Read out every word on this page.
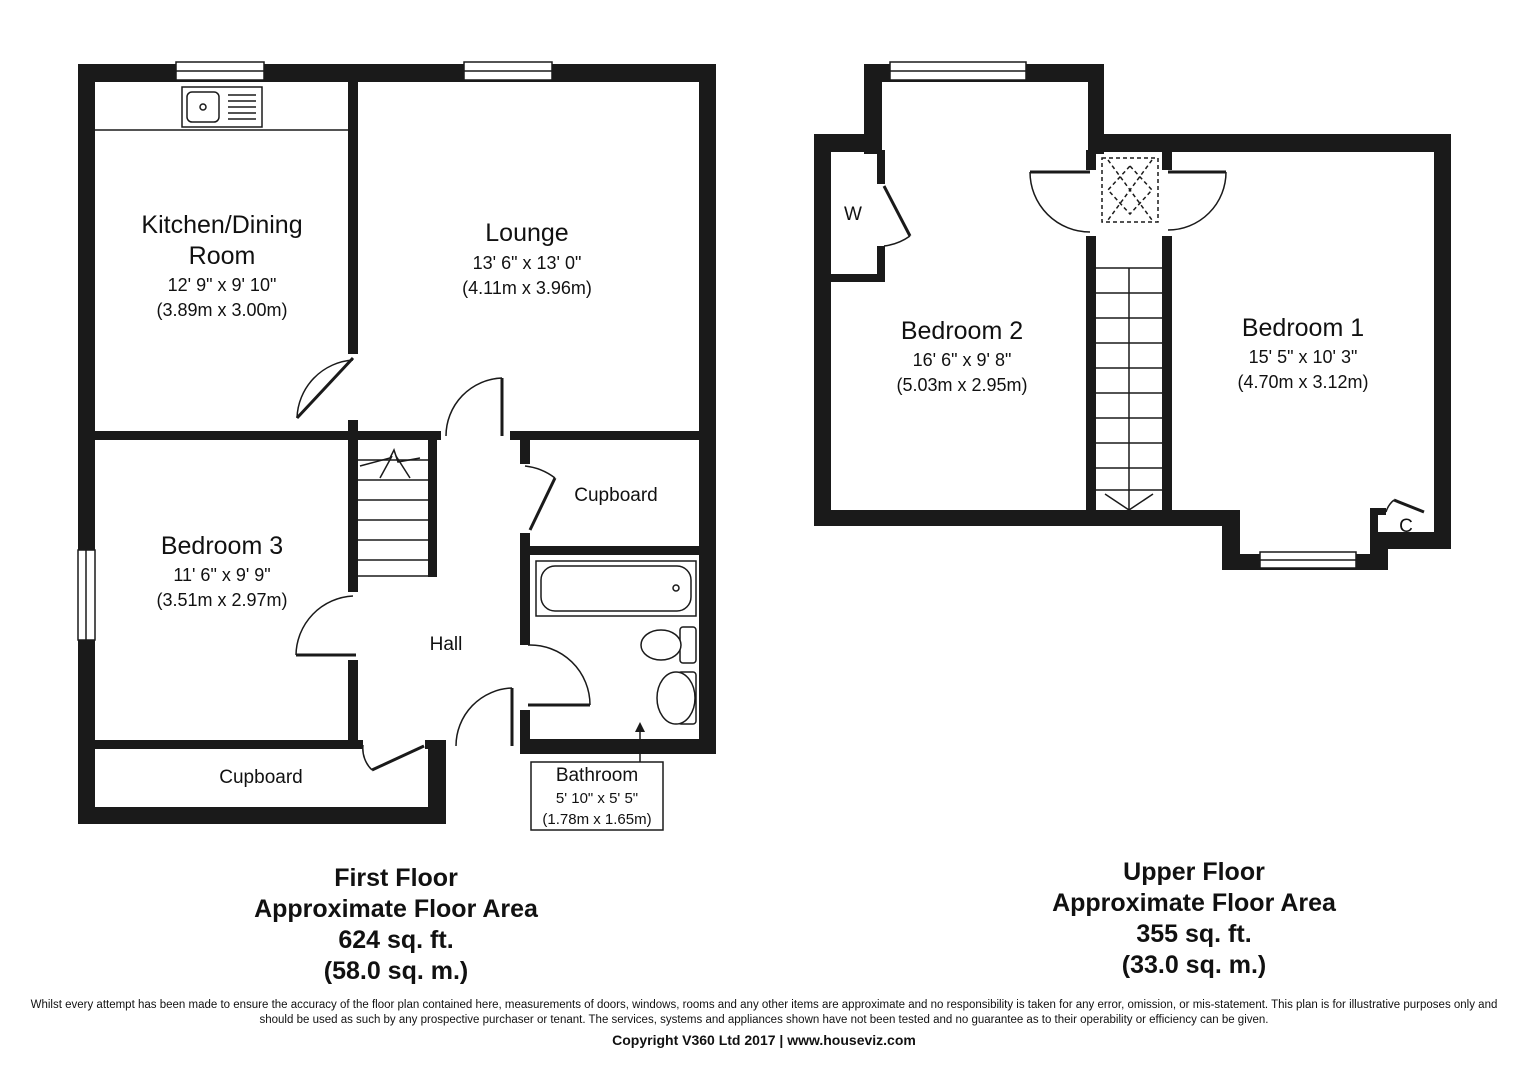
Kitchen/Dining
Room
12' 9" x 9' 10"
(3.89m x 3.00m)
Lounge
13' 6" x 13' 0"
(4.11m x 3.96m)
Bedroom 3
11' 6" x 9' 9"
(3.51m x 2.97m)
Hall
Cupboard
Cupboard	Bathroom
5' 10" x 5' 5"
(1.78m x 1.65m)
W
C
Bedroom 2
16' 6" x 9' 8"
(5.03m x 2.95m)
Bedroom 1
15' 5" x 10' 3"
(4.70m x 3.12m)
First Floor
Approximate Floor Area
624 sq. ft.
(58.0 sq. m.)
Upper Floor
Approximate Floor Area
355 sq. ft.
(33.0 sq. m.)
Whilst every attempt has been made to ensure the accuracy of the floor plan contained here, measurements of doors, windows, rooms and any other items are approximate and no responsibility is taken for any error, omission, or mis-statement. This plan is for illustrative purposes only and should be used as such by any prospective purchaser or tenant. The services, systems and appliances shown have not been tested and no guarantee as to their operability or efficiency can be given.
Copyright V360 Ltd 2017 | www.houseviz.com
